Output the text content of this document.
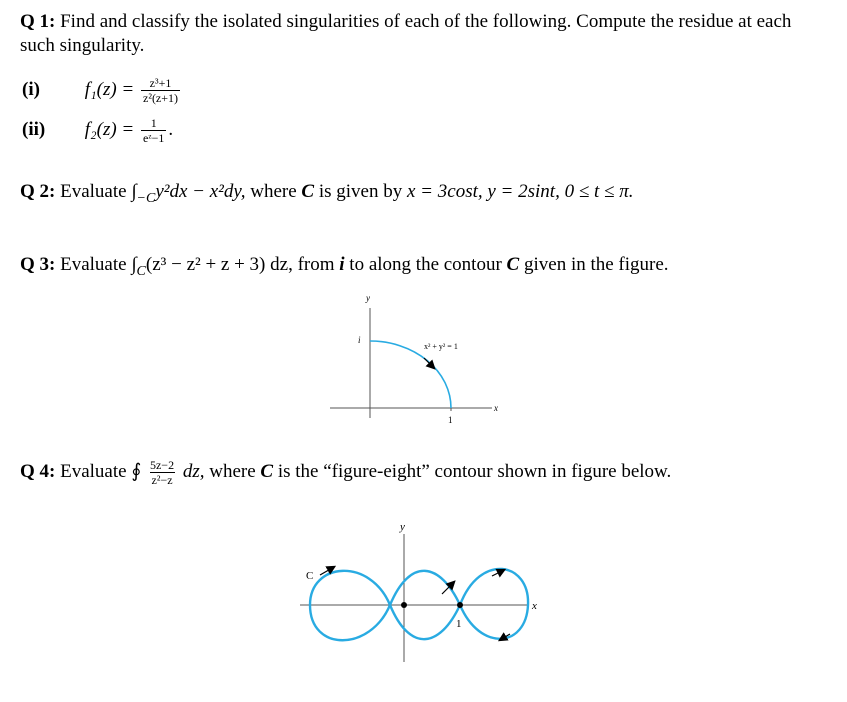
Q 1: Find and classify the isolated singularities of each of the following. Compute the residue at each
such singularity.
(i) $f_1(z) = \frac{\text{z³+1}}{\text{z²(z+1)}}$
(ii) $f_2(z) = \frac{1}{\text{eᶻ−1}}$ .
Q 2: Evaluate $\int_{-C}y^2dx - x^2dy$, where C is given by x = 3cost, y = 2sint, 0 ≤ t ≤ π.
Q 3: Evaluate $\int_C(z^3 - z^2 + z + 3)$ dz, from i to along the contour C given in the figure.
y
x
i
1
x² + y² = 1
Q 4: Evaluate ∮ $\frac{5z-2}{\text{z²−z}}$ dz, where C is the “figure-eight” contour shown in figure below.
y
x
1
C
